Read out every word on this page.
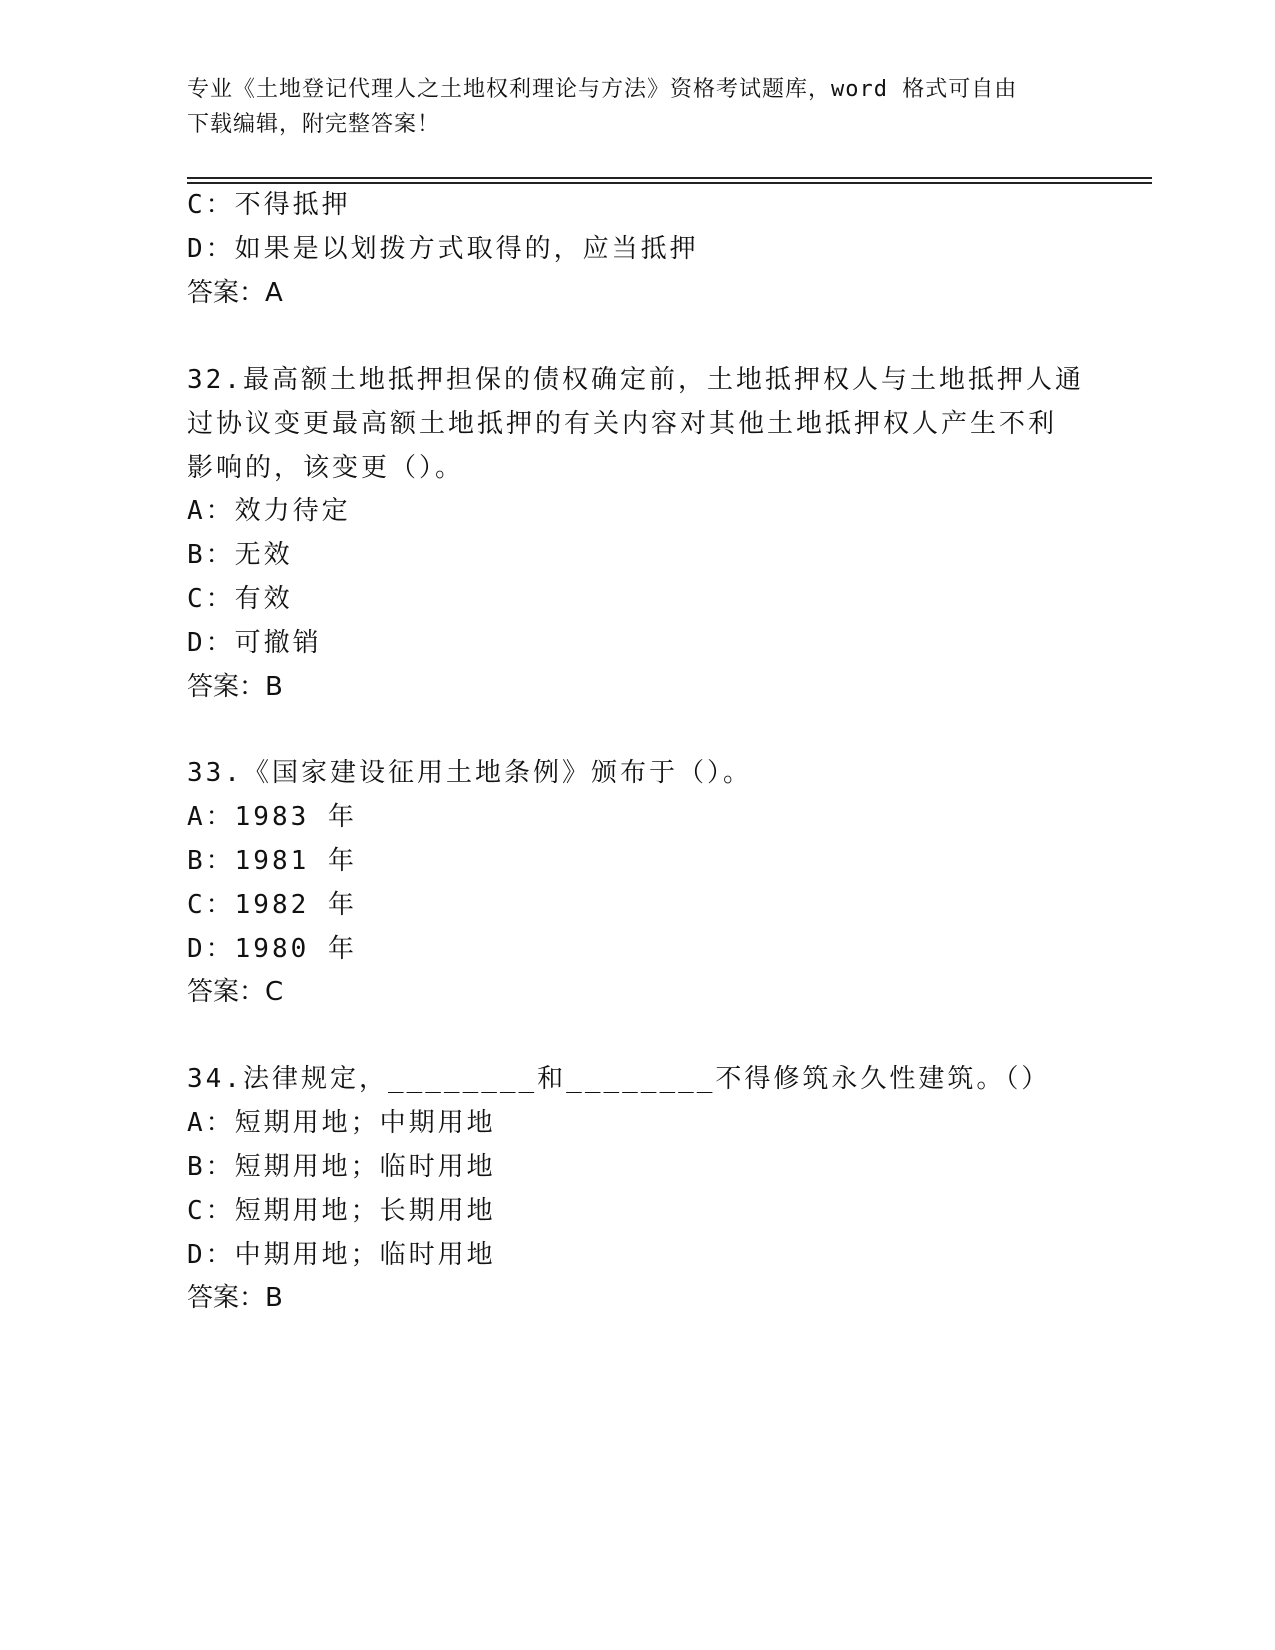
专业《土地登记代理人之土地权利理论与方法》资格考试题库，word 格式可自由
下载编辑，附完整答案！
C：不得抵押
D：如果是以划拨方式取得的，应当抵押
答案：A
32.最高额土地抵押担保的债权确定前，土地抵押权人与土地抵押人通
过协议变更最高额土地抵押的有关内容对其他土地抵押权人产生不利
影响的，该变更（）。
A：效力待定
B：无效
C：有效
D：可撤销
答案：B
33.《国家建设征用土地条例》颁布于（）。
A：1983 年
B：1981 年
C：1982 年
D：1980 年
答案：C
34.法律规定，________和________不得修筑永久性建筑。（）
A：短期用地；中期用地
B：短期用地；临时用地
C：短期用地；长期用地
D：中期用地；临时用地
答案：B
